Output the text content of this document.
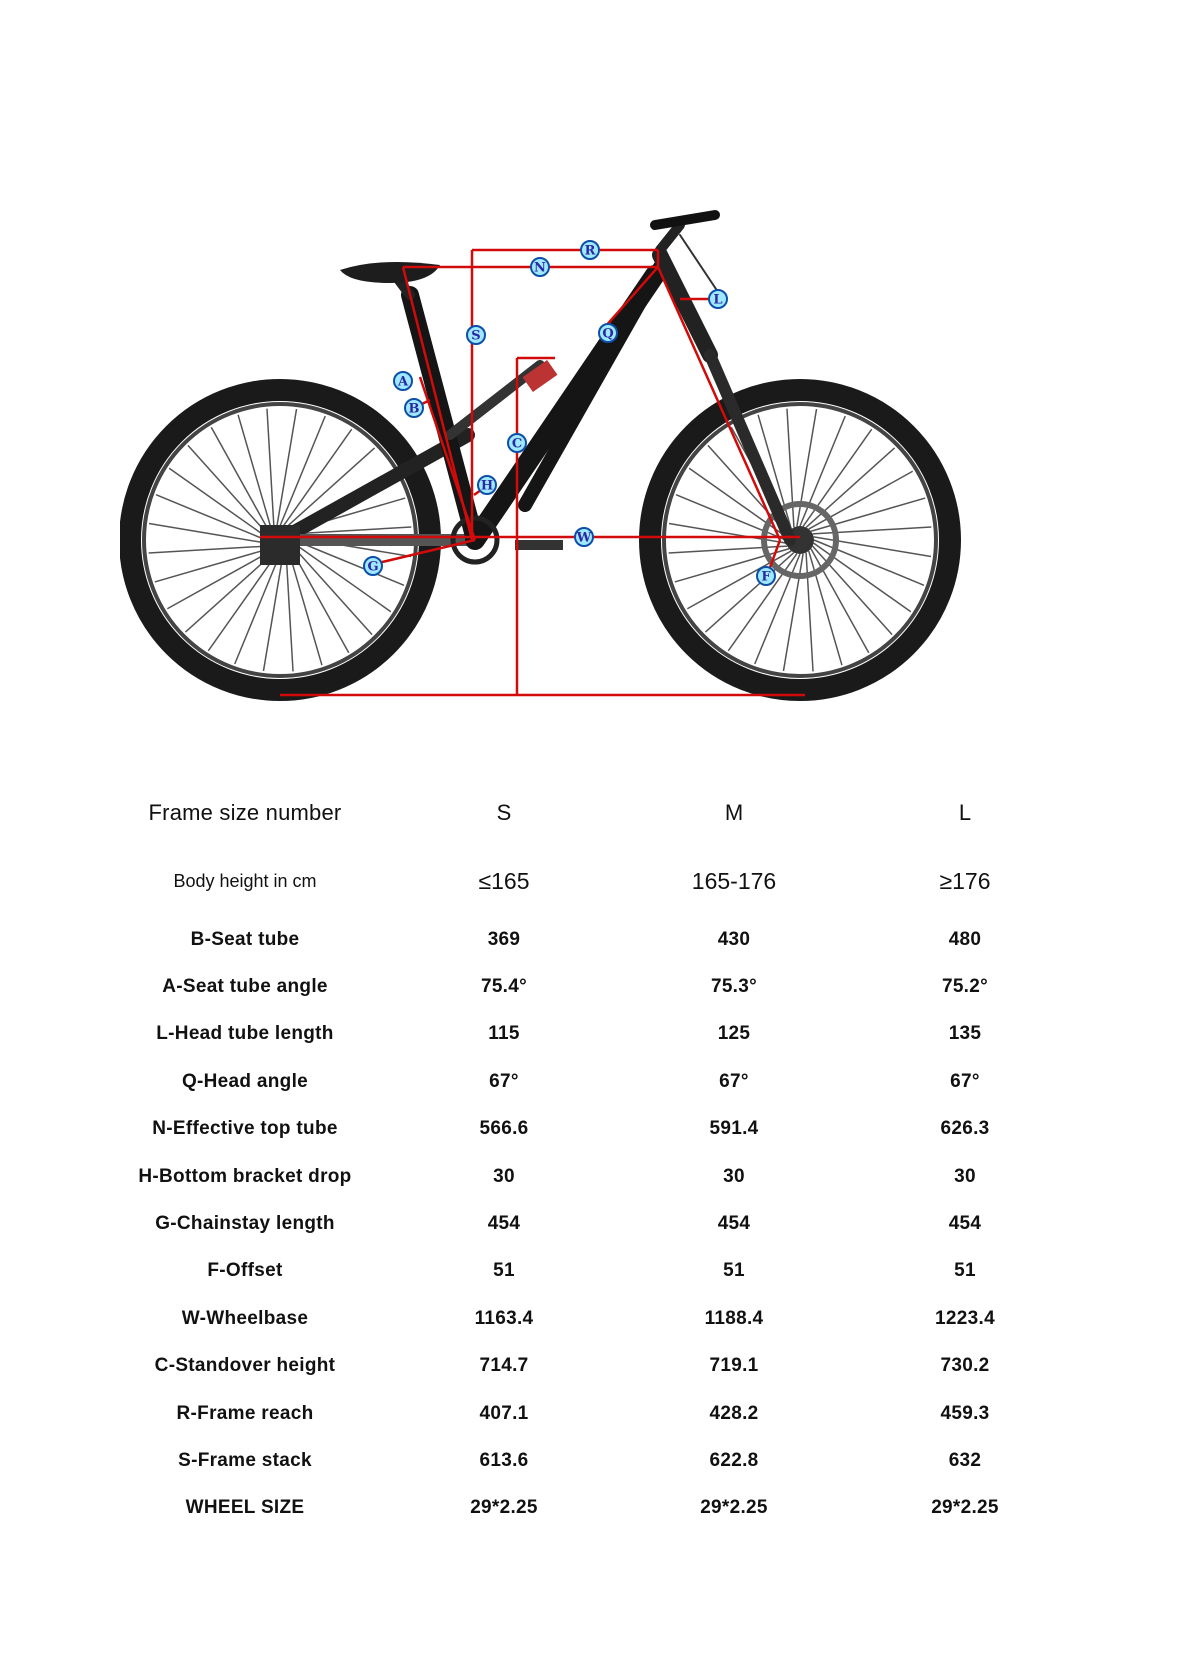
R
N
L
S	Q
A
B
C
H
W
G
F
Frame size number	S	M	L
Body height in cm	≤165	165-176	≥176
B-Seat tube	369	430	480
A-Seat tube angle	75.4°	75.3°	75.2°
L-Head tube length	115	125	135
Q-Head angle	67°	67°	67°
N-Effective top tube	566.6	591.4	626.3
H-Bottom bracket drop	30	30	30
G-Chainstay length	454	454	454
F-Offset	51	51	51
W-Wheelbase	1163.4	1188.4	1223.4
C-Standover height	714.7	719.1	730.2
R-Frame reach	407.1	428.2	459.3
S-Frame stack	613.6	622.8	632
WHEEL SIZE	29*2.25	29*2.25	29*2.25
